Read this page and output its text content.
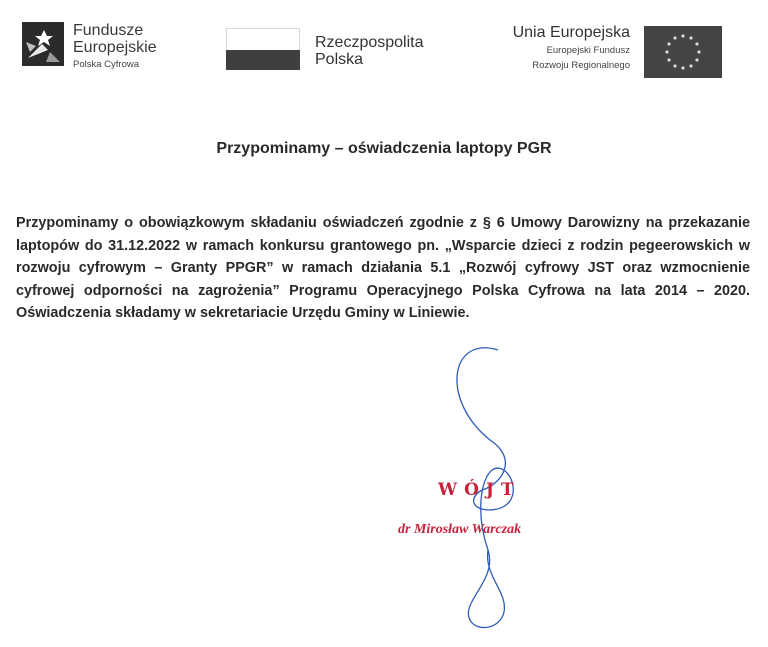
Fundusze
Europejskie
Polska Cyfrowa
Rzeczpospolita
Polska
Unia Europejska
Europejski Fundusz
Rozwoju Regionalnego
Przypominamy – oświadczenia laptopy PGR
Przypominamy o obowiązkowym składaniu oświadczeń zgodnie z § 6 Umowy Darowizny na przekazanie laptopów do 31.12.2022 w ramach konkursu grantowego pn. „Wsparcie dzieci z rodzin pegeerowskich w rozwoju cyfrowym – Granty PPGR” w ramach działania 5.1 „Rozwój cyfrowy JST oraz wzmocnienie cyfrowej odporności na zagrożenia” Programu Operacyjnego Polska Cyfrowa na lata 2014 – 2020. Oświadczenia składamy w sekretariacie Urzędu Gminy w Liniewie.
WÓJT
dr Mirosław Warczak
